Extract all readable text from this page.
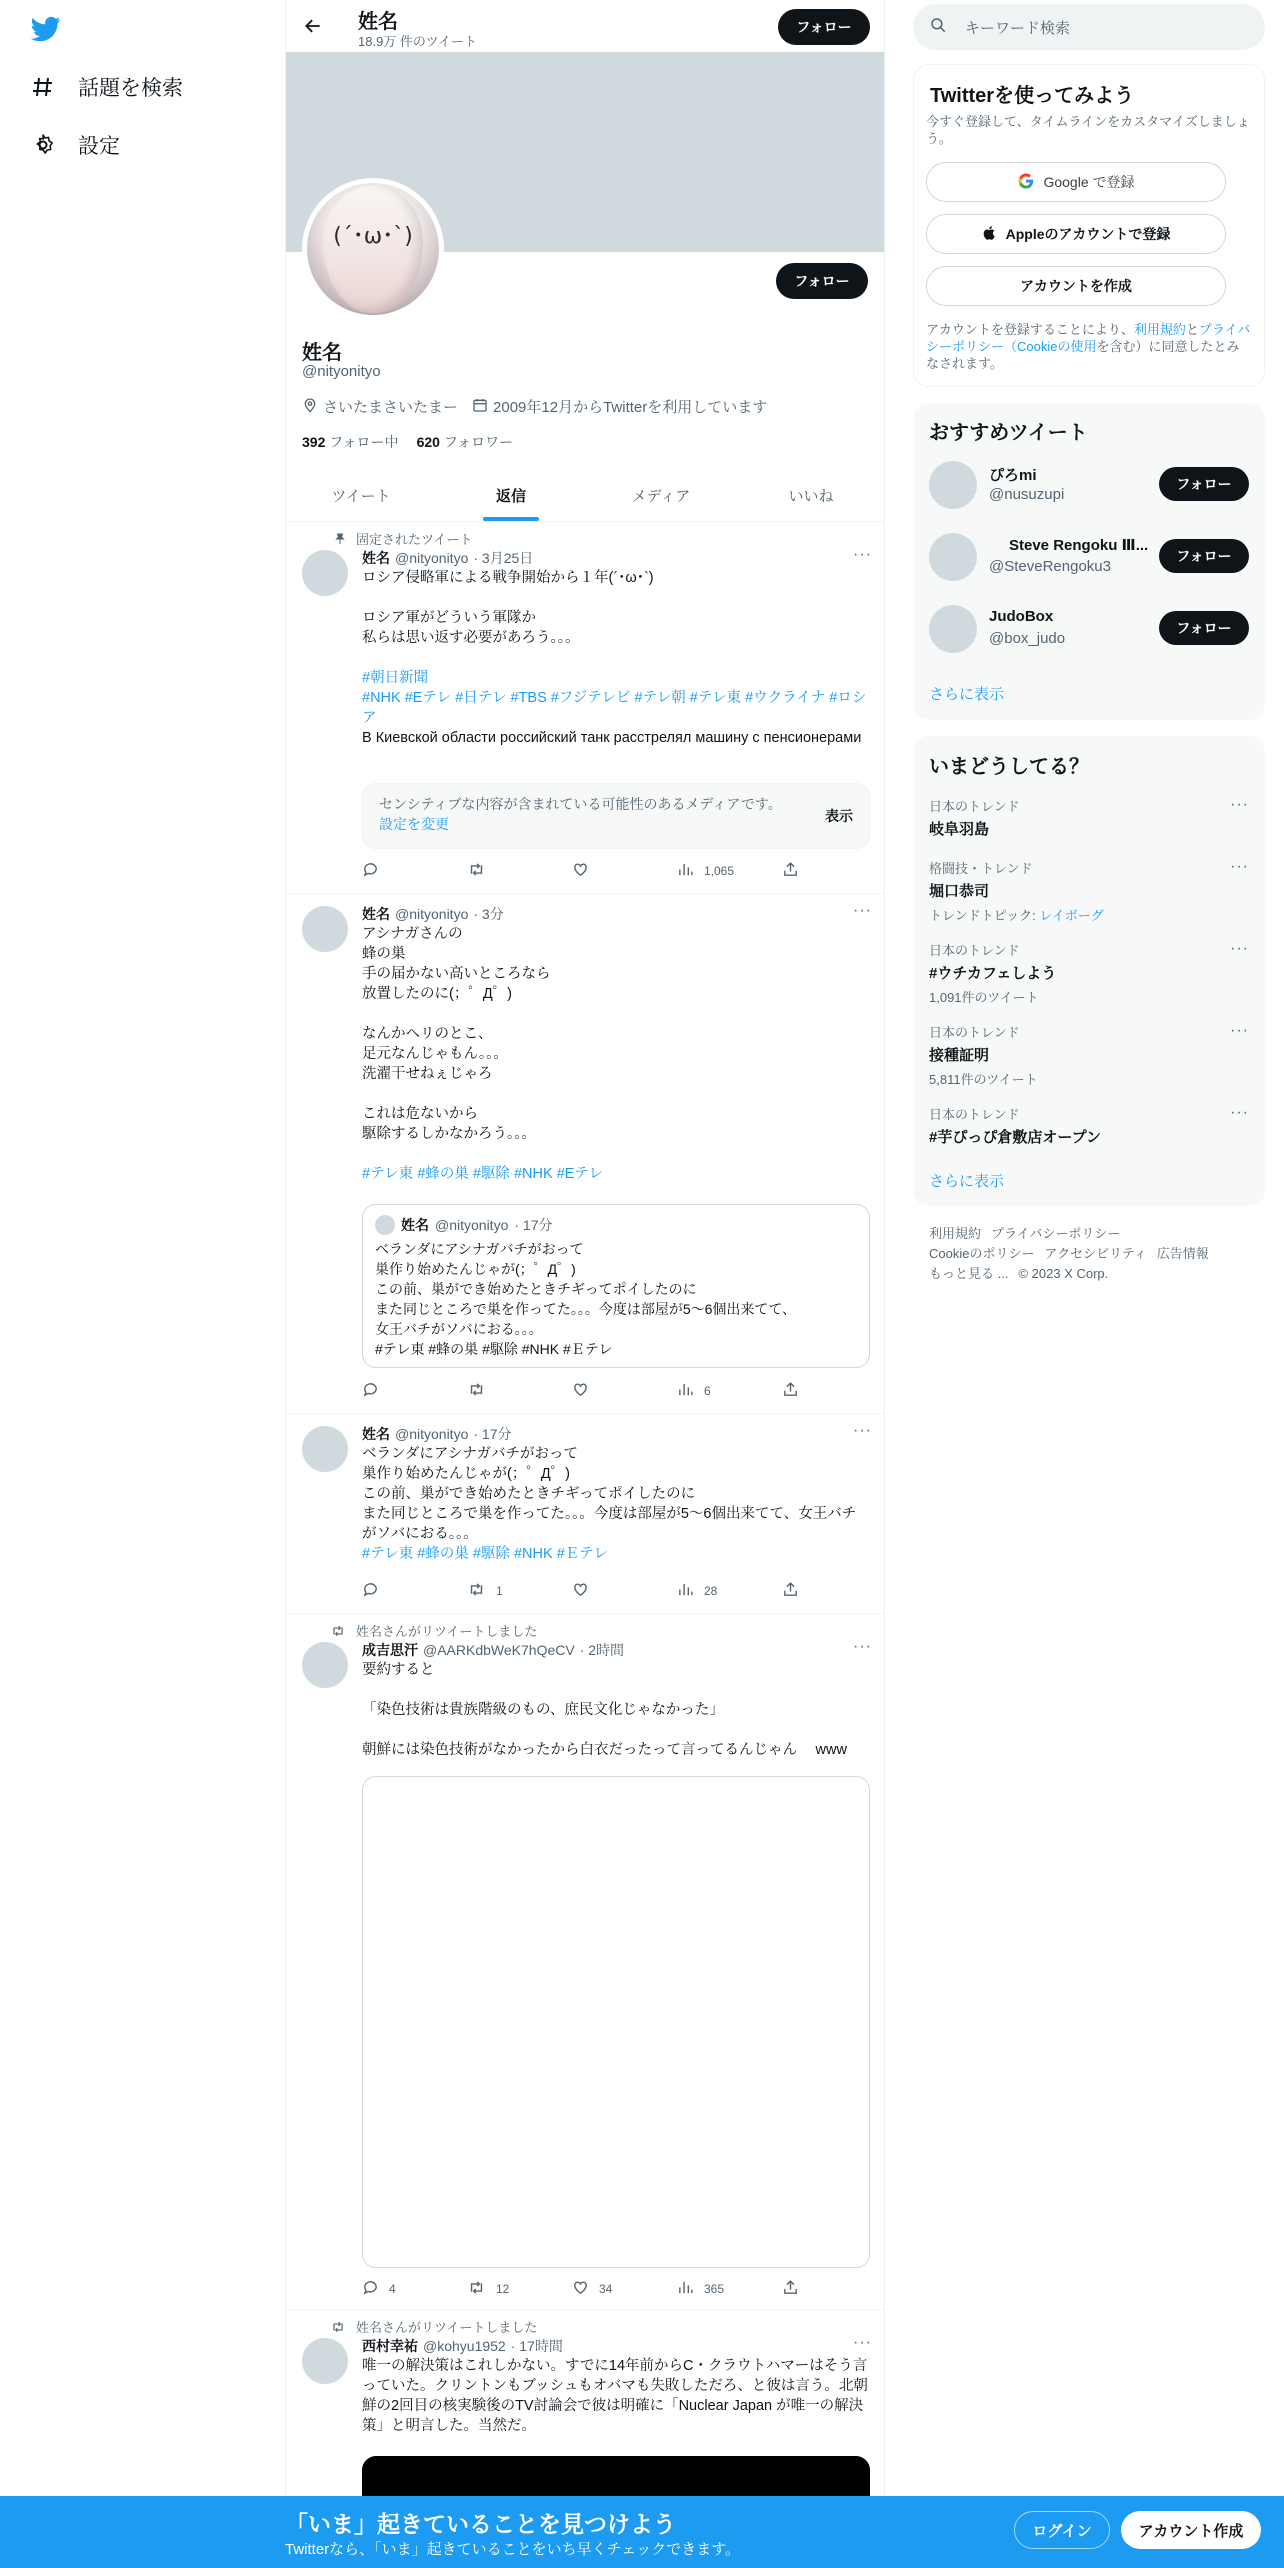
話題を検索
設定
姓名
18.9万 件のツイート
フォロー
(´･ω･`)
フォロー
姓名
@nityonityo
さいたまさいたまー 2009年12月からTwitterを利用しています
392 フォロー中 620 フォロワー
ツイート	返信	メディア	いいね
固定されたツイート
···
姓名 @nityonityo · 3月25日
ロシア侵略軍による戦争開始から１年(´･ω･`)

ロシア軍がどういう軍隊か
私らは思い返す必要があろう。。。
#朝日新聞
#NHK #Eテレ #日テレ #TBS #フジテレビ #テレ朝 #テレ東 #ウクライナ #ロシア
В Киевской области российский танк расстрелял машину с пенсионерами
センシティブな内容が含まれている可能性のあるメディアです。設定を変更	表示
1,065
···
姓名 @nityonityo · 3分
アシナガさんの
蜂の巣
手の届かない高いところなら
放置したのに(；゜Д゜)

なんかヘリのとこ、
足元なんじゃもん。。。
洗濯干せねぇじゃろ

これは危ないから
駆除するしかなかろう。。。
#テレ東 #蜂の巣 #駆除 #NHK #Eテレ
姓名 @nityonityo · 17分
ベランダにアシナガバチがおって
巣作り始めたんじゃが(；゜Д゜)
この前、巣ができ始めたときチギってポイしたのに
また同じところで巣を作ってた。。。今度は部屋が5〜6個出来てて、
女王バチがソバにおる。。。
#テレ東 #蜂の巣 #駆除 #NHK #Ｅテレ
6
···
姓名 @nityonityo · 17分
ベランダにアシナガバチがおって
巣作り始めたんじゃが(；゜Д゜)
この前、巣ができ始めたときチギってポイしたのに
また同じところで巣を作ってた。。。今度は部屋が5〜6個出来てて、女王バチがソバにおる。。。
#テレ東 #蜂の巣 #駆除 #NHK #Ｅテレ
1	28
姓名さんがリツイートしました
···
成吉思汗 @AARKdbWeK7hQeCV · 2時間
要約すると

「染色技術は貴族階級のもの、庶民文化じゃなかった」

朝鮮には染色技術がなかったから白衣だったって言ってるんじゃん　 www
4	12	34	365
姓名さんがリツイートしました
···
西村幸祐 @kohyu1952 · 17時間
唯一の解決策はこれしかない。すでに14年前からC・クラウトハマーはそう言っていた。クリントンもブッシュもオバマも失敗しただろ、と彼は言う。北朝鮮の2回目の核実験後のTV討論会で彼は明確に「Nuclear Japan が唯一の解決策」と明言した。当然だ。
キーワード検索
Twitterを使ってみよう
今すぐ登録して、タイムラインをカスタマイズしましょう。
Google で登録
Appleのアカウントで登録
アカウントを作成
アカウントを登録することにより、利用規約とプライバシーポリシー（Cookieの使用を含む）に同意したとみなされます。
おすすめツイート
ぴろmi
@nusuzupi
フォロー
Steve Rengoku Ⅲ...
@SteveRengoku3
フォロー
JudoBox
@box_judo
フォロー
さらに表示
いまどうしてる？
日本のトレンド
岐阜羽島
···
格闘技・トレンド
堀口恭司
トレンドトピック: レイボーグ
···
日本のトレンド
#ウチカフェしよう
1,091件のツイート
···
日本のトレンド
接種証明
5,811件のツイート
···
日本のトレンド
#芋ぴっぴ倉敷店オープン
···
さらに表示
利用規約 プライバシーポリシー
Cookieのポリシー アクセシビリティ 広告情報
もっと見る ... © 2023 X Corp.
「いま」起きていることを見つけよう
Twitterなら、「いま」起きていることをいち早くチェックできます。
ログイン	アカウント作成
